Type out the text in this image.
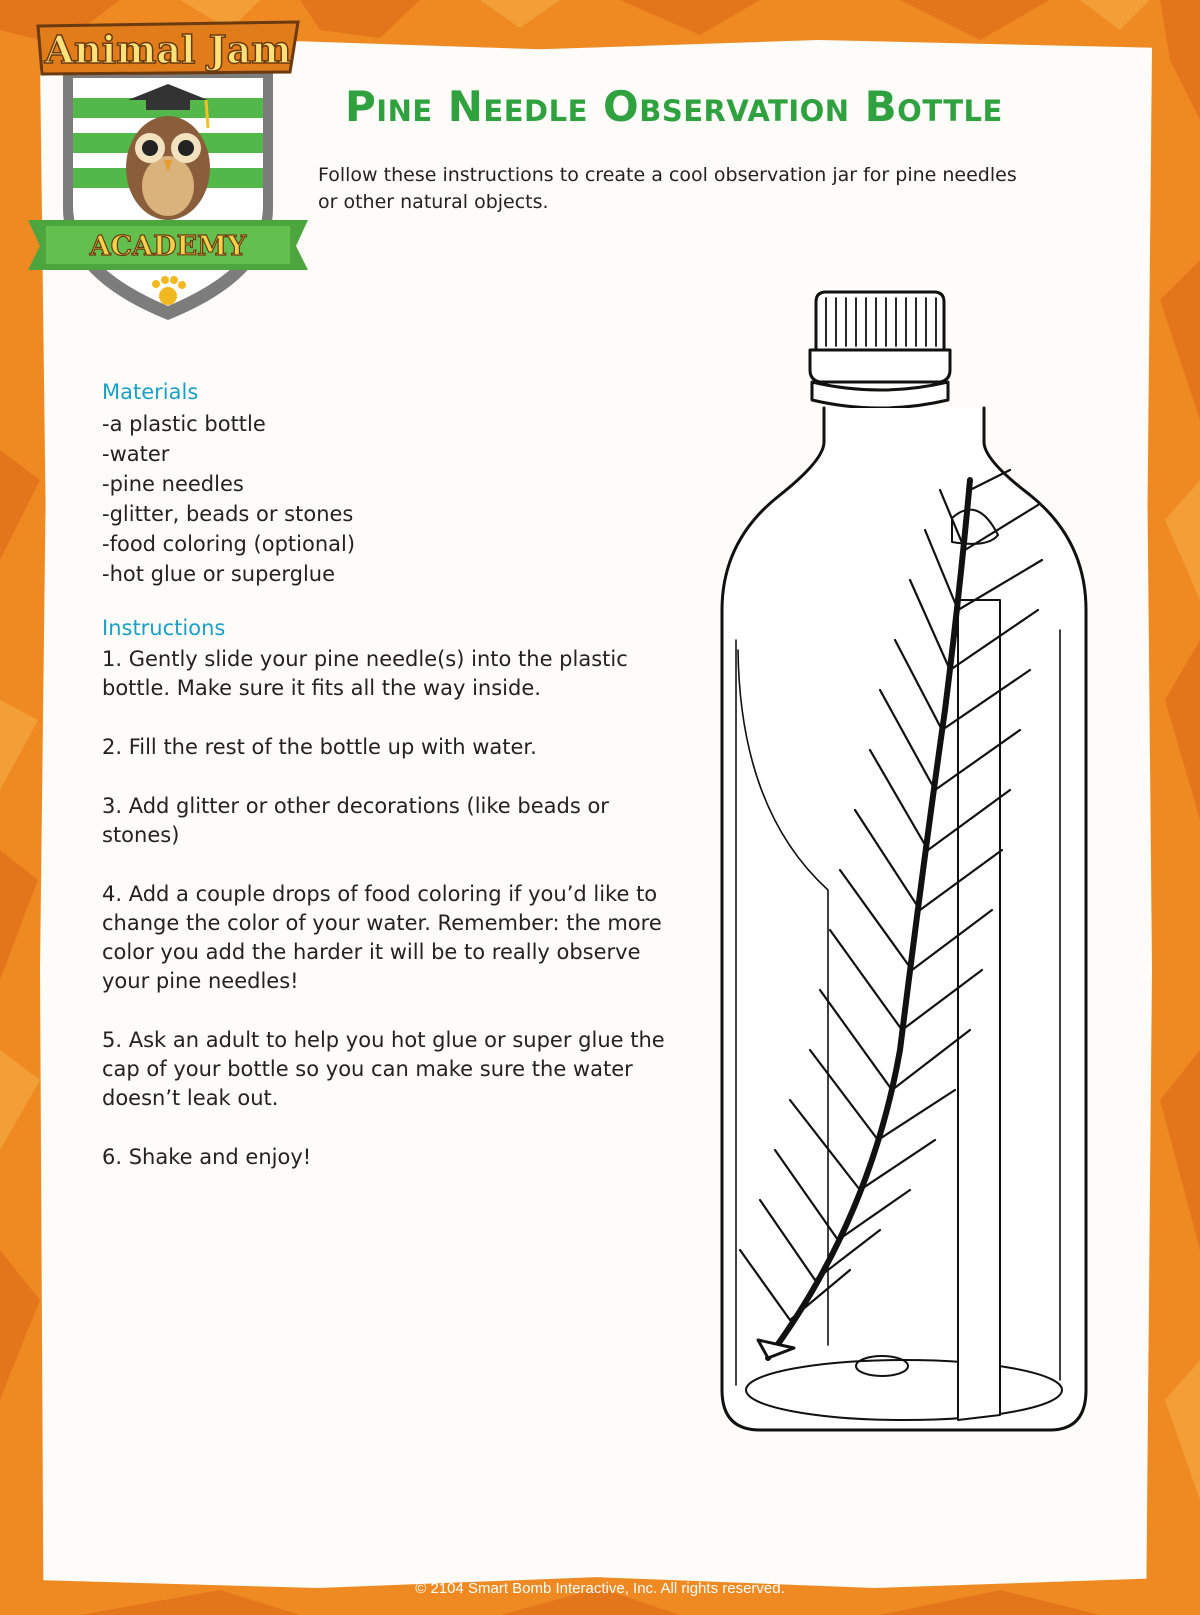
ACADEMY
Animal Jam
Pine Needle Observation Bottle
Follow these instructions to create a cool observation jar for pine needles or other natural objects.
Materials
-a plastic bottle
-water
-pine needles
-glitter, beads or stones
-food coloring (optional)
-hot glue or superglue
Instructions

1. Gently slide your pine needle(s) into the plastic bottle. Make sure it fits all the way inside.

2. Fill the rest of the bottle up with water.

3. Add glitter or other decorations (like beads or stones)

4. Add a couple drops of food coloring if you’d like to change the color of your water. Remember: the more color you add the harder it will be to really observe your pine needles!

5. Ask an adult to help you hot glue or super glue the cap of your bottle so you can make sure the water doesn’t leak out.

6. Shake and enjoy!

© 2104 Smart Bomb Interactive, Inc. All rights reserved.
